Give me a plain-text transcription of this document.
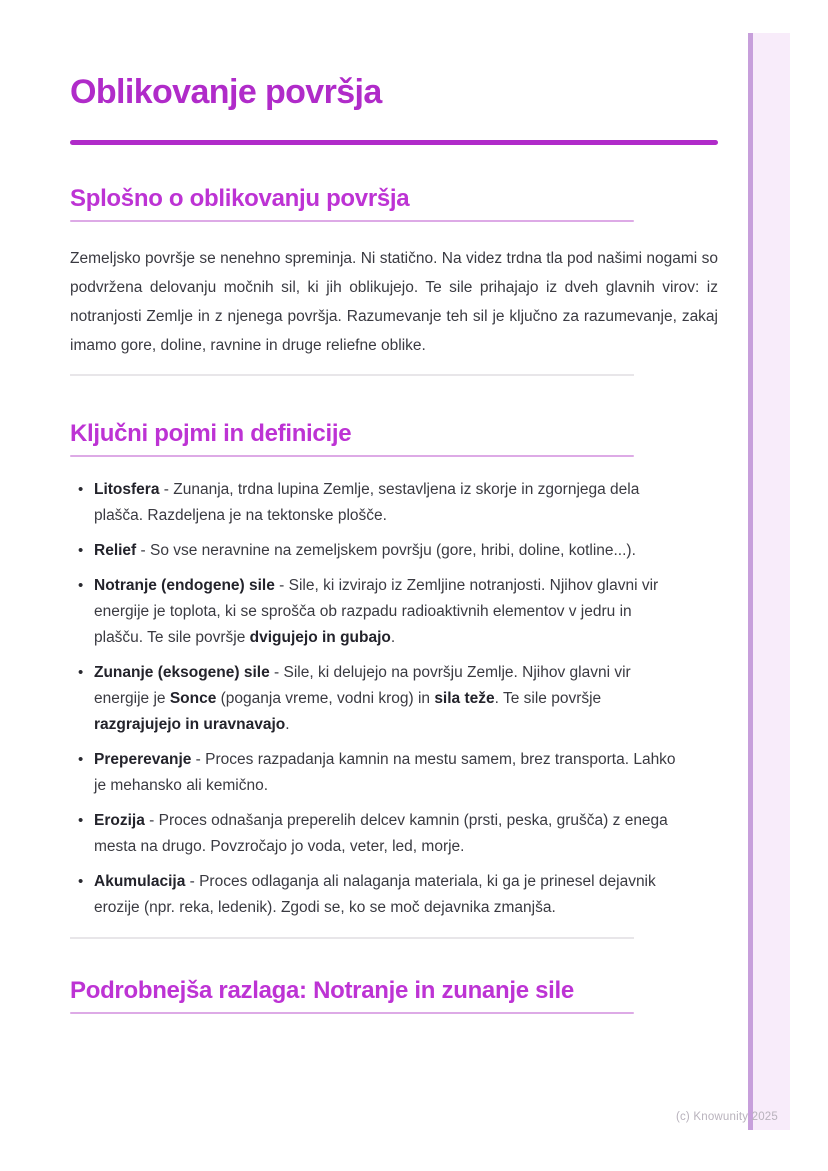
Oblikovanje površja
Splošno o oblikovanju površja

Zemeljsko površje se nenehno spreminja. Ni statično. Na videz trdna tla pod našimi nogami so podvržena delovanju močnih sil, ki jih oblikujejo. Te sile prihajajo iz dveh glavnih virov: iz notranjosti Zemlje in z njenega površja. Razumevanje teh sil je ključno za razumevanje, zakaj imamo gore, doline, ravnine in druge reliefne oblike.

Ključni pojmi in definicije
• Litosfera - Zunanja, trdna lupina Zemlje, sestavljena iz skorje in zgornjega dela plašča. Razdeljena je na tektonske plošče.
• Relief - So vse neravnine na zemeljskem površju (gore, hribi, doline, kotline...).
• Notranje (endogene) sile - Sile, ki izvirajo iz Zemljine notranjosti. Njihov glavni vir energije je toplota, ki se sprošča ob razpadu radioaktivnih elementov v jedru in plašču. Te sile površje dvigujejo in gubajo.
• Zunanje (eksogene) sile - Sile, ki delujejo na površju Zemlje. Njihov glavni vir energije je Sonce (poganja vreme, vodni krog) in sila teže. Te sile površje razgrajujejo in uravnavajo.
• Preperevanje - Proces razpadanja kamnin na mestu samem, brez transporta. Lahko je mehansko ali kemično.
• Erozija - Proces odnašanja preperelih delcev kamnin (prsti, peska, grušča) z enega mesta na drugo. Povzročajo jo voda, veter, led, morje.
• Akumulacija - Proces odlaganja ali nalaganja materiala, ki ga je prinesel dejavnik erozije (npr. reka, ledenik). Zgodi se, ko se moč dejavnika zmanjša.
Podrobnejša razlaga: Notranje in zunanje sile
(c) Knowunity 2025
